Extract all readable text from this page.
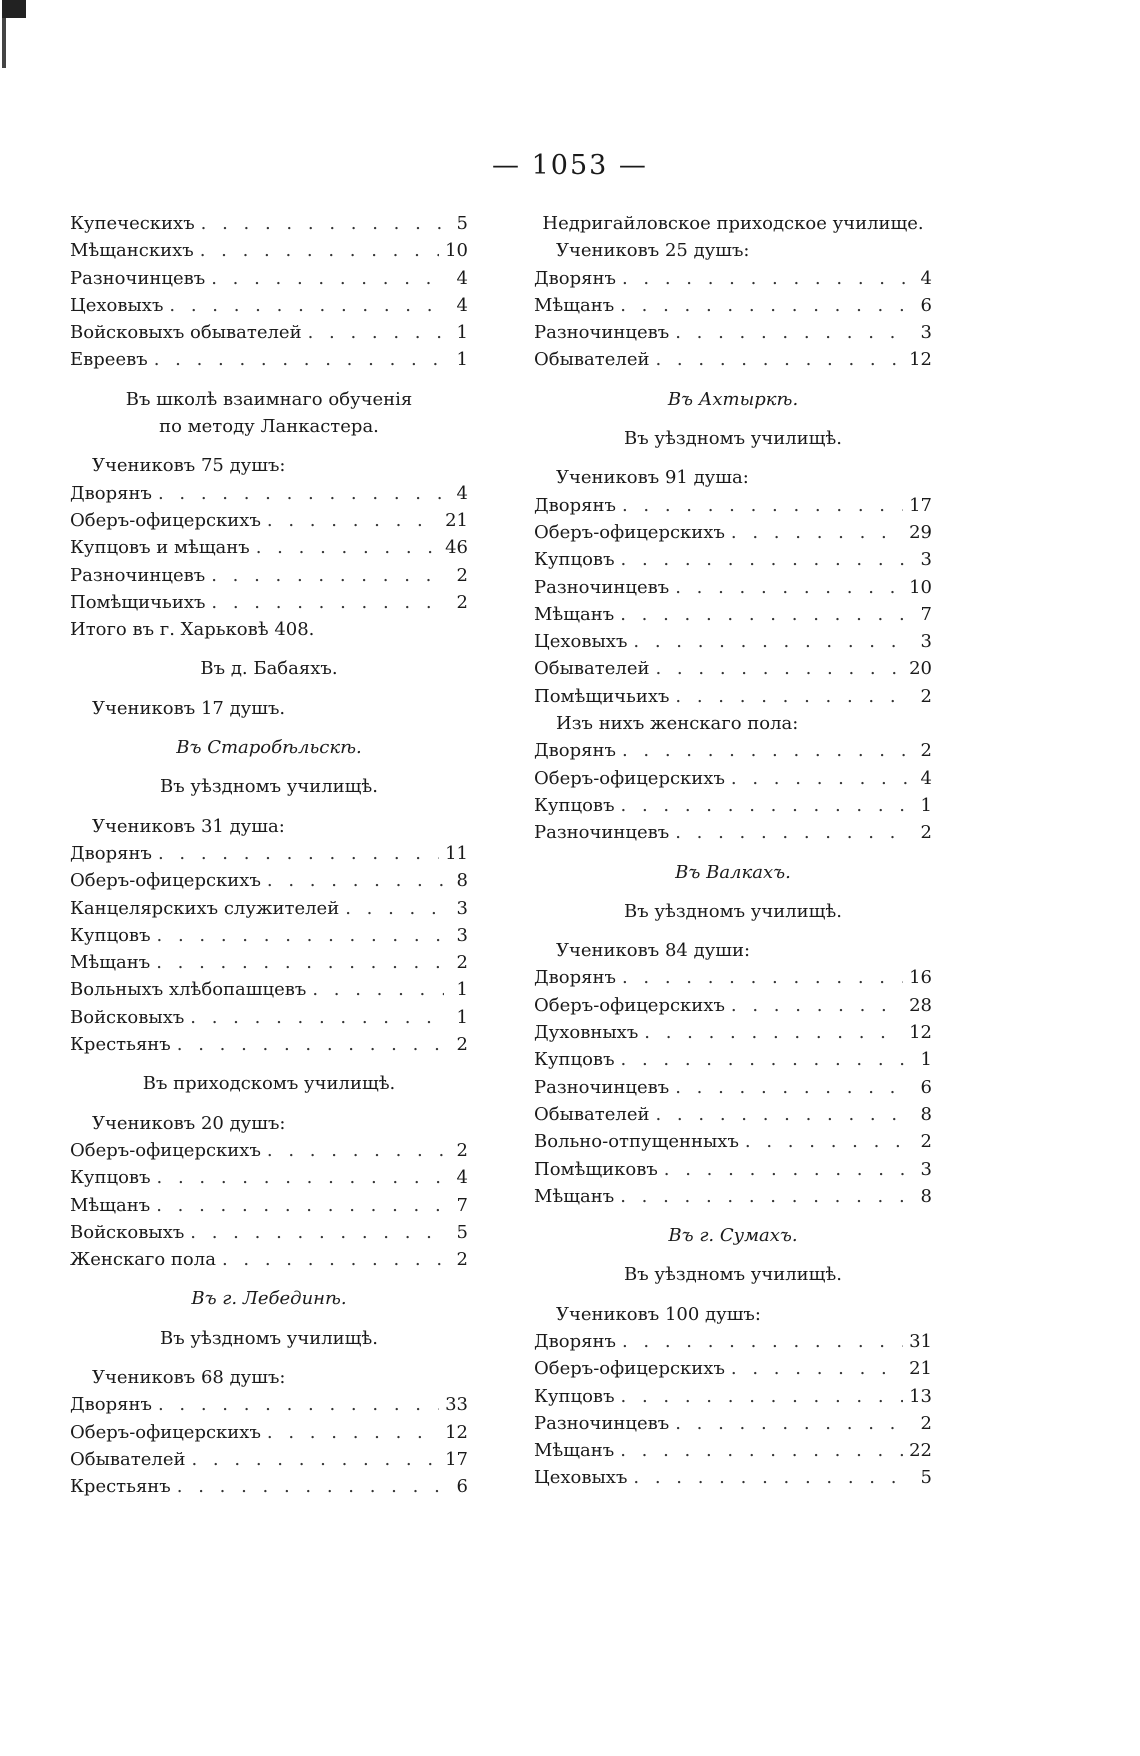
— 1053 —
Купеческихъ . . .	5
Мѣщанскихъ . . .	10
Разночинцевъ . . .	4
Цеховыхъ . . .	4
Войсковыхъ обывателей . . .	1
Евреевъ . . .	1
Въ школѣ взаимнаго обученія
по методу Ланкастера.
Учениковъ 75 душъ:
Дворянъ . . .	4
Оберъ-офицерскихъ . . .	21
Купцовъ и мѣщанъ . . .	46
Разночинцевъ . . .	2
Помѣщичьихъ . . .	2
Итого въ г. Харьковѣ 408.
Въ д. Бабаяхъ.
Учениковъ 17 душъ.
Въ Старобѣльскѣ.
Въ уѣздномъ училищѣ.
Учениковъ 31 душа:
Дворянъ . . .	11
Оберъ-офицерскихъ . . .	8
Канцелярскихъ служителей . . .	3
Купцовъ . . .	3
Мѣщанъ . . .	2
Вольныхъ хлѣбопашцевъ . . .	1
Войсковыхъ . . .	1
Крестьянъ . . .	2
Въ приходскомъ училищѣ.
Учениковъ 20 душъ:
Оберъ-офицерскихъ . . .	2
Купцовъ . . .	4
Мѣщанъ . . .	7
Войсковыхъ . . .	5
Женскаго пола . . .	2
Въ г. Лебединѣ.
Въ уѣздномъ училищѣ.
Учениковъ 68 душъ:
Дворянъ . . .	33
Оберъ-офицерскихъ . . .	12
Обывателей . . .	17
Крестьянъ . . .	6
Недригайловское приходское училище.
Учениковъ 25 душъ:
Дворянъ . . .	4
Мѣщанъ . . .	6
Разночинцевъ . . .	3
Обывателей . . .	12
Въ Ахтыркѣ.
Въ уѣздномъ училищѣ.
Учениковъ 91 душа:
Дворянъ . . .	17
Оберъ-офицерскихъ . . .	29
Купцовъ . . .	3
Разночинцевъ . . .	10
Мѣщанъ . . .	7
Цеховыхъ . . .	3
Обывателей . . .	20
Помѣщичьихъ . . .	2
Изъ нихъ женскаго пола:
Дворянъ . . .	2
Оберъ-офицерскихъ . . .	4
Купцовъ . . .	1
Разночинцевъ . . .	2
Въ Валкахъ.
Въ уѣздномъ училищѣ.
Учениковъ 84 души:
Дворянъ . . .	16
Оберъ-офицерскихъ . . .	28
Духовныхъ . . .	12
Купцовъ . . .	1
Разночинцевъ . . .	6
Обывателей . . .	8
Вольно-отпущенныхъ . . .	2
Помѣщиковъ . . .	3
Мѣщанъ . . .	8
Въ г. Сумахъ.
Въ уѣздномъ училищѣ.
Учениковъ 100 душъ:
Дворянъ . . .	31
Оберъ-офицерскихъ . . .	21
Купцовъ . . .	13
Разночинцевъ . . .	2
Мѣщанъ . . .	22
Цеховыхъ . . .	5
